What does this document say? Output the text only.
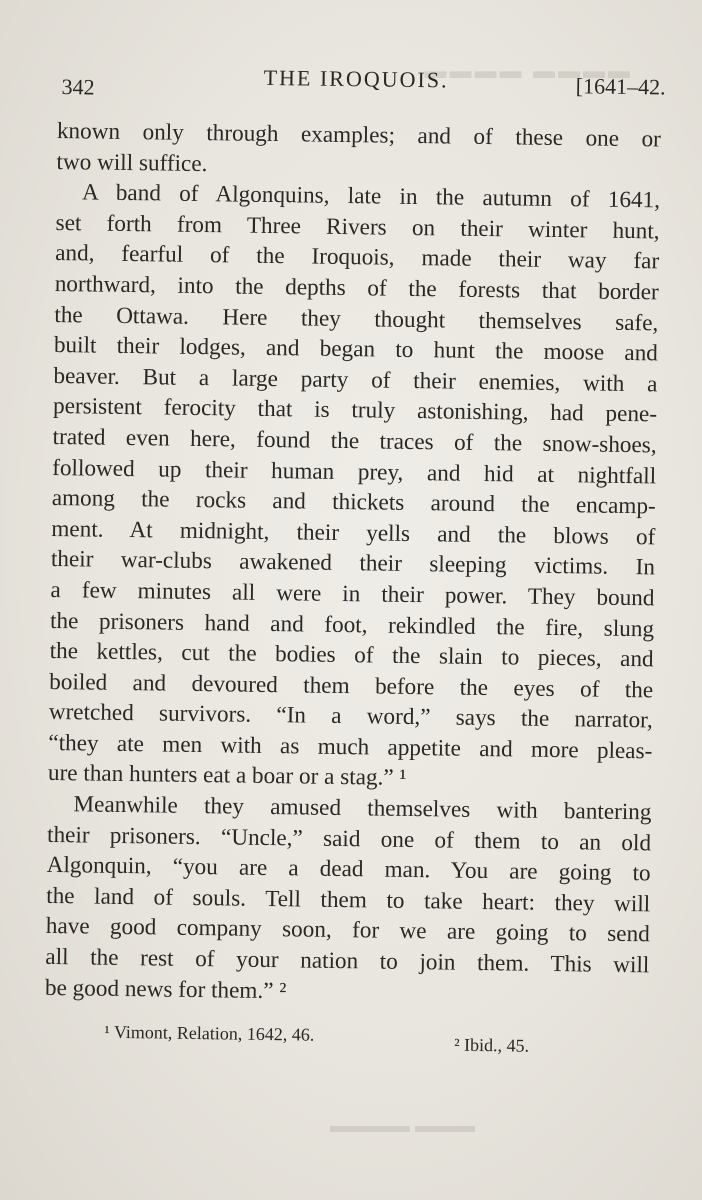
▬▬▬▬ ▬▬▬▬
▬▬▬ ▬▬▬▬
342	THE IROQUOIS.	[1641–42.
known only through examples; and of these one or
two will suffice.
A band of Algonquins, late in the autumn of 1641,
set forth from Three Rivers on their winter hunt,
and, fearful of the Iroquois, made their way far
northward, into the depths of the forests that border
the Ottawa. Here they thought themselves safe,
built their lodges, and began to hunt the moose and
beaver. But a large party of their enemies, with a
persistent ferocity that is truly astonishing, had pene-
trated even here, found the traces of the snow-shoes,
followed up their human prey, and hid at nightfall
among the rocks and thickets around the encamp-
ment. At midnight, their yells and the blows of
their war-clubs awakened their sleeping victims. In
a few minutes all were in their power. They bound
the prisoners hand and foot, rekindled the fire, slung
the kettles, cut the bodies of the slain to pieces, and
boiled and devoured them before the eyes of the
wretched survivors. “In a word,” says the narrator,
“they ate men with as much appetite and more pleas-
ure than hunters eat a boar or a stag.” ¹
Meanwhile they amused themselves with bantering
their prisoners. “Uncle,” said one of them to an old
Algonquin, “you are a dead man. You are going to
the land of souls. Tell them to take heart: they will
have good company soon, for we are going to send
all the rest of your nation to join them. This will
be good news for them.” ²
¹ Vimont, Relation, 1642, 46.
² Ibid., 45.
